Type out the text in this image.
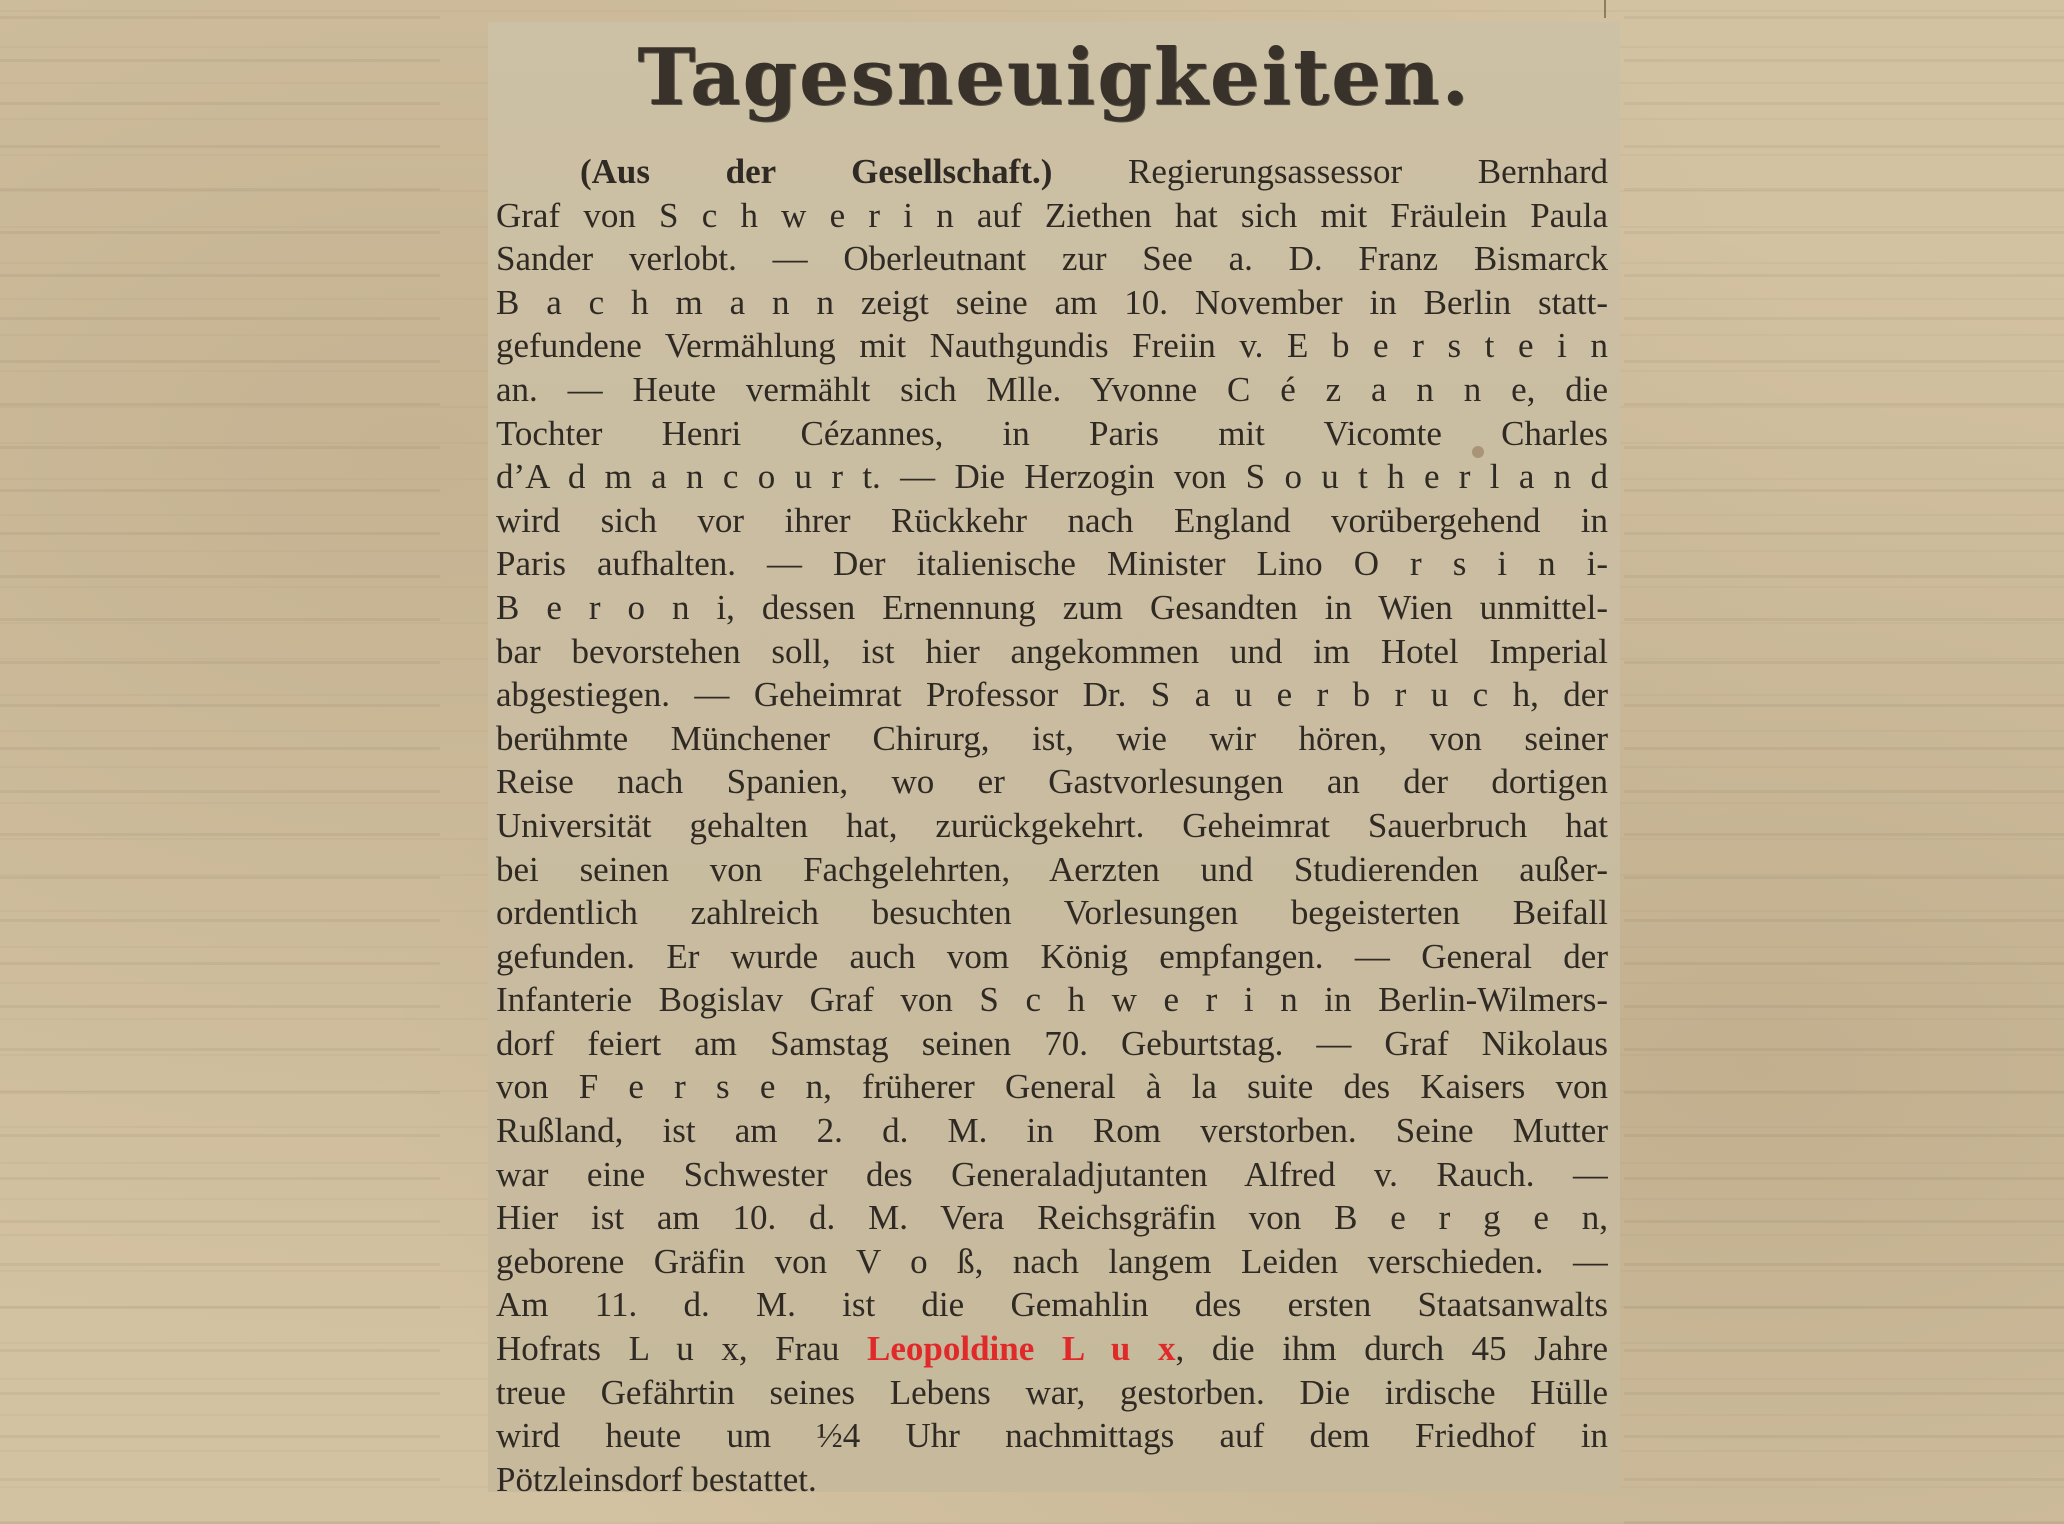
Tagesneuigkeiten.
(Aus der Gesellschaft.) Regierungsassessor Bernhard
Graf von S c h w e r i n auf Ziethen hat sich mit Fräulein Paula
Sander verlobt. — Oberleutnant zur See a. D. Franz Bismarck
B a c h m a n n zeigt seine am 10. November in Berlin statt-
gefundene Vermählung mit Nauthgundis Freiin v. E b e r s t e i n
an. — Heute vermählt sich Mlle. Yvonne C é z a n n e, die
Tochter Henri Cézannes, in Paris mit Vicomte Charles
d’A d m a n c o u r t. — Die Herzogin von S o u t h e r l a n d
wird sich vor ihrer Rückkehr nach England vorübergehend in
Paris aufhalten. — Der italienische Minister Lino O r s i n i-
B e r o n i, dessen Ernennung zum Gesandten in Wien unmittel-
bar bevorstehen soll, ist hier angekommen und im Hotel Imperial
abgestiegen. — Geheimrat Professor Dr. S a u e r b r u c h, der
berühmte Münchener Chirurg, ist, wie wir hören, von seiner
Reise nach Spanien, wo er Gastvorlesungen an der dortigen
Universität gehalten hat, zurückgekehrt. Geheimrat Sauerbruch hat
bei seinen von Fachgelehrten, Aerzten und Studierenden außer-
ordentlich zahlreich besuchten Vorlesungen begeisterten Beifall
gefunden. Er wurde auch vom König empfangen. — General der
Infanterie Bogislav Graf von S c h w e r i n in Berlin-Wilmers-
dorf feiert am Samstag seinen 70. Geburtstag. — Graf Nikolaus
von F e r s e n, früherer General à la suite des Kaisers von
Rußland, ist am 2. d. M. in Rom verstorben. Seine Mutter
war eine Schwester des Generaladjutanten Alfred v. Rauch. —
Hier ist am 10. d. M. Vera Reichsgräfin von B e r g e n,
geborene Gräfin von V o ß, nach langem Leiden verschieden. —
Am 11. d. M. ist die Gemahlin des ersten Staatsanwalts
Hofrats L u x, Frau Leopoldine L u x, die ihm durch 45 Jahre
treue Gefährtin seines Lebens war, gestorben. Die irdische Hülle
wird heute um ½4 Uhr nachmittags auf dem Friedhof in
Pötzleinsdorf bestattet.
